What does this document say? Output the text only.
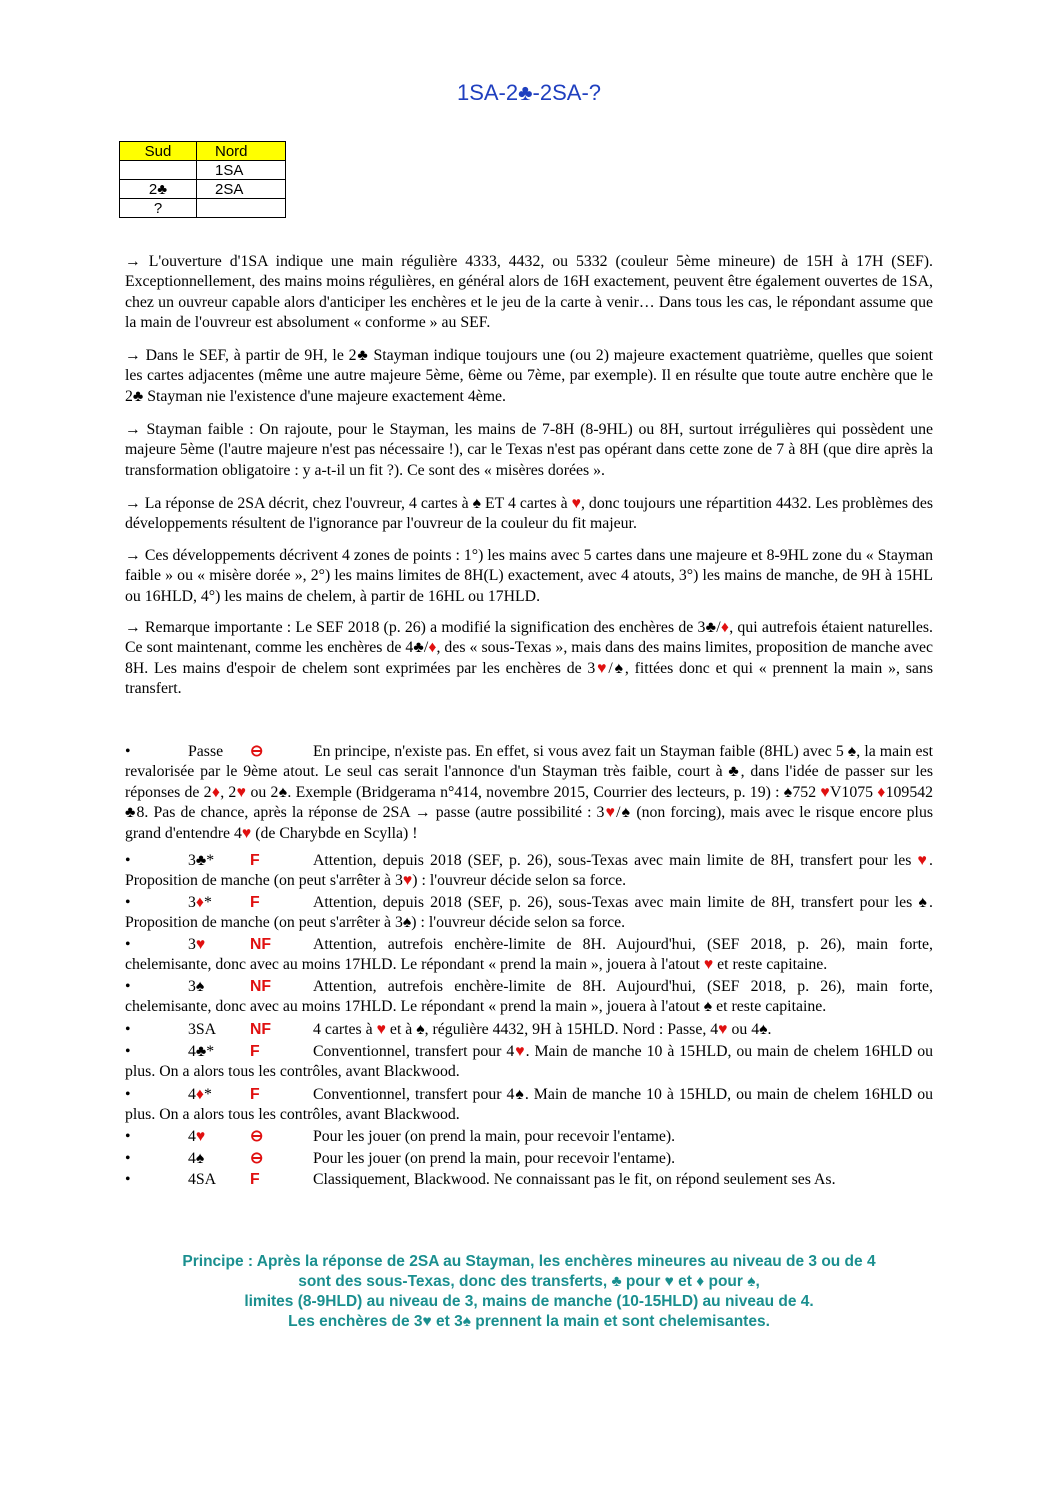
1SA-2♣-2SA-?
Sud	Nord
	1SA
2♣	2SA
?	
→ L'ouverture d'1SA indique une main régulière 4333, 4432, ou 5332 (couleur 5ème mineure) de 15H à 17H (SEF). Exceptionnellement, des mains moins régulières, en général alors de 16H exactement, peuvent être également ouvertes de 1SA, chez un ouvreur capable alors d'anticiper les enchères et le jeu de la carte à venir… Dans tous les cas, le répondant assume que la main de l'ouvreur est absolument « conforme » au SEF.
→ Dans le SEF, à partir de 9H, le 2♣ Stayman indique toujours une (ou 2) majeure exactement quatrième, quelles que soient les cartes adjacentes (même une autre majeure 5ème, 6ème ou 7ème, par exemple). Il en résulte que toute autre enchère que le 2♣ Stayman nie l'existence d'une majeure exactement 4ème.
→ Stayman faible : On rajoute, pour le Stayman, les mains de 7-8H (8-9HL) ou 8H, surtout irrégulières qui possèdent une majeure 5ème (l'autre majeure n'est pas nécessaire !), car le Texas n'est pas opérant dans cette zone de 7 à 8H (que dire après la transformation obligatoire : y a-t-il un fit ?). Ce sont des « misères dorées ».
→ La réponse de 2SA décrit, chez l'ouvreur, 4 cartes à ♠ ET 4 cartes à ♥, donc toujours une répartition 4432. Les problèmes des développements résultent de l'ignorance par l'ouvreur de la couleur du fit majeur.
→ Ces développements décrivent 4 zones de points : 1°) les mains avec 5 cartes dans une majeure et 8-9HL zone du « Stayman faible » ou « misère dorée », 2°) les mains limites de 8H(L) exactement, avec 4 atouts, 3°) les mains de manche, de 9H à 15HL ou 16HLD, 4°) les mains de chelem, à partir de 16HL ou 17HLD.
→ Remarque importante : Le SEF 2018 (p. 26) a modifié la signification des enchères de 3♣/♦, qui autrefois étaient naturelles. Ce sont maintenant, comme les enchères de 4♣/♦, des « sous-Texas », mais dans des mains limites, proposition de manche avec 8H. Les mains d'espoir de chelem sont exprimées par les enchères de 3♥/♠, fittées donc et qui « prennent la main », sans transfert.
•	Passe ⊖	En principe, n'existe pas. En effet, si vous avez fait un Stayman faible (8HL) avec 5 ♠, la main est revalorisée par le 9ème atout. Le seul cas serait l'annonce d'un Stayman très faible, court à ♣, dans l'idée de passer sur les réponses de 2♦, 2♥ ou 2♠. Exemple (Bridgerama n°414, novembre 2015, Courrier des lecteurs, p. 19) : ♠752 ♥V1075 ♦109542 ♣8. Pas de chance, après la réponse de 2SA → passe (autre possibilité : 3♥/♠ (non forcing), mais avec le risque encore plus grand d'entendre 4♥ (de Charybde en Scylla) !
•	3♣* F	Attention, depuis 2018 (SEF, p. 26), sous-Texas avec main limite de 8H, transfert pour les ♥. Proposition de manche (on peut s'arrêter à 3♥) : l'ouvreur décide selon sa force.
•	3♦* F	Attention, depuis 2018 (SEF, p. 26), sous-Texas avec main limite de 8H, transfert pour les ♠. Proposition de manche (on peut s'arrêter à 3♠) : l'ouvreur décide selon sa force.
•	3♥	NF	Attention, autrefois enchère-limite de 8H. Aujourd'hui, (SEF 2018, p. 26), main forte, chelemisante, donc avec au moins 17HLD. Le répondant « prend la main », jouera à l'atout ♥ et reste capitaine.
•	3♠	NF	Attention, autrefois enchère-limite de 8H. Aujourd'hui, (SEF 2018, p. 26), main forte, chelemisante, donc avec au moins 17HLD. Le répondant « prend la main », jouera à l'atout ♠ et reste capitaine.
•	3SA NF	4 cartes à ♥ et à ♠, régulière 4432, 9H à 15HLD. Nord : Passe, 4♥ ou 4♠.
•	4♣* F	Conventionnel, transfert pour 4♥. Main de manche 10 à 15HLD, ou main de chelem 16HLD ou plus. On a alors tous les contrôles, avant Blackwood.
•	4♦* F	Conventionnel, transfert pour 4♠. Main de manche 10 à 15HLD, ou main de chelem 16HLD ou plus. On a alors tous les contrôles, avant Blackwood.
•	4♥	⊖	Pour les jouer (on prend la main, pour recevoir l'entame).
•	4♠	⊖	Pour les jouer (on prend la main, pour recevoir l'entame).
•	4SA F	Classiquement, Blackwood. Ne connaissant pas le fit, on répond seulement ses As.
Principe : Après la réponse de 2SA au Stayman, les enchères mineures au niveau de 3 ou de 4
sont des sous-Texas, donc des transferts, ♣ pour ♥ et ♦ pour ♠,
limites (8-9HLD) au niveau de 3, mains de manche (10-15HLD) au niveau de 4.
Les enchères de 3♥ et 3♠ prennent la main et sont chelemisantes.
